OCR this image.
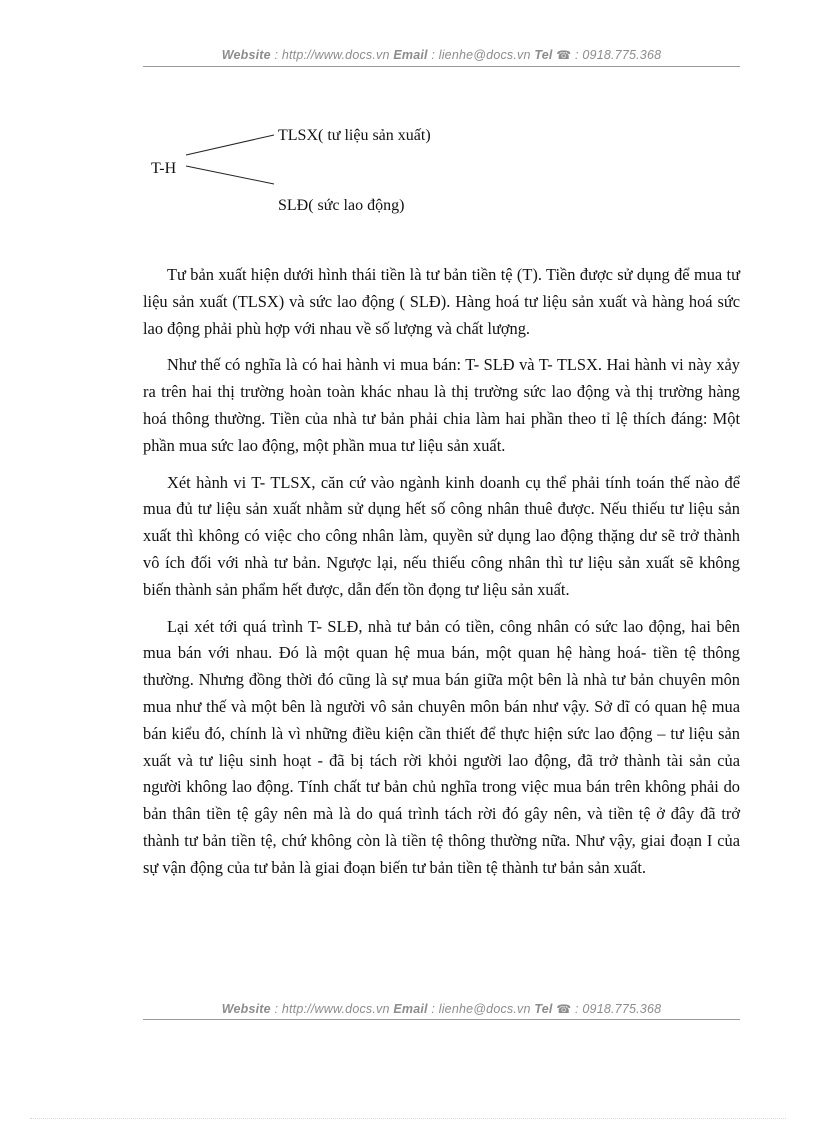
Website : http://www.docs.vn Email : lienhe@docs.vn Tel ☎ : 0918.775.368
TLSX( tư liệu sản xuất)
T-H
SLĐ( sức lao động)

Tư bản xuất hiện dưới hình thái tiền là tư bản tiền tệ (T). Tiền được sử dụng để mua tư liệu sản xuất (TLSX) và sức lao động ( SLĐ). Hàng hoá tư liệu sản xuất và hàng hoá sức lao động phải phù hợp với nhau về số lượng và chất lượng.

Như thế có nghĩa là có hai hành vi mua bán: T- SLĐ và T- TLSX. Hai hành vi này xảy ra trên hai thị trường hoàn toàn khác nhau là thị trường sức lao động và thị trường hàng hoá thông thường. Tiền của nhà tư bản phải chia làm hai phần theo tỉ lệ thích đáng: Một phần mua sức lao động, một phần mua tư liệu sản xuất.

Xét hành vi T- TLSX, căn cứ vào ngành kinh doanh cụ thể phải tính toán thế nào để mua đủ tư liệu sản xuất nhằm sử dụng hết số công nhân thuê được. Nếu thiếu tư liệu sản xuất thì không có việc cho công nhân làm, quyền sử dụng lao động thặng dư sẽ trở thành vô ích đối với nhà tư bản. Ngược lại, nếu thiếu công nhân thì tư liệu sản xuất sẽ không biến thành sản phẩm hết được, dẫn đến tồn đọng tư liệu sản xuất.

Lại xét tới quá trình T- SLĐ, nhà tư bản có tiền, công nhân có sức lao động, hai bên mua bán với nhau. Đó là một quan hệ mua bán, một quan hệ hàng hoá- tiền tệ thông thường. Nhưng đồng thời đó cũng là sự mua bán giữa một bên là nhà tư bản chuyên môn mua như thế và một bên là người vô sản chuyên môn bán như vậy. Sở dĩ có quan hệ mua bán kiểu đó, chính là vì những điều kiện cần thiết để thực hiện sức lao động – tư liệu sản xuất và tư liệu sinh hoạt - đã bị tách rời khỏi người lao động, đã trở thành tài sản của người không lao động. Tính chất tư bản chủ nghĩa trong việc mua bán trên không phải do bản thân tiền tệ gây nên mà là do quá trình tách rời đó gây nên, và tiền tệ ở đây đã trở thành tư bản tiền tệ, chứ không còn là tiền tệ thông thường nữa. Như vậy, giai đoạn I của sự vận động của tư bản là giai đoạn biến tư bản tiền tệ thành tư bản sản xuất.

Website : http://www.docs.vn Email : lienhe@docs.vn Tel ☎ : 0918.775.368
